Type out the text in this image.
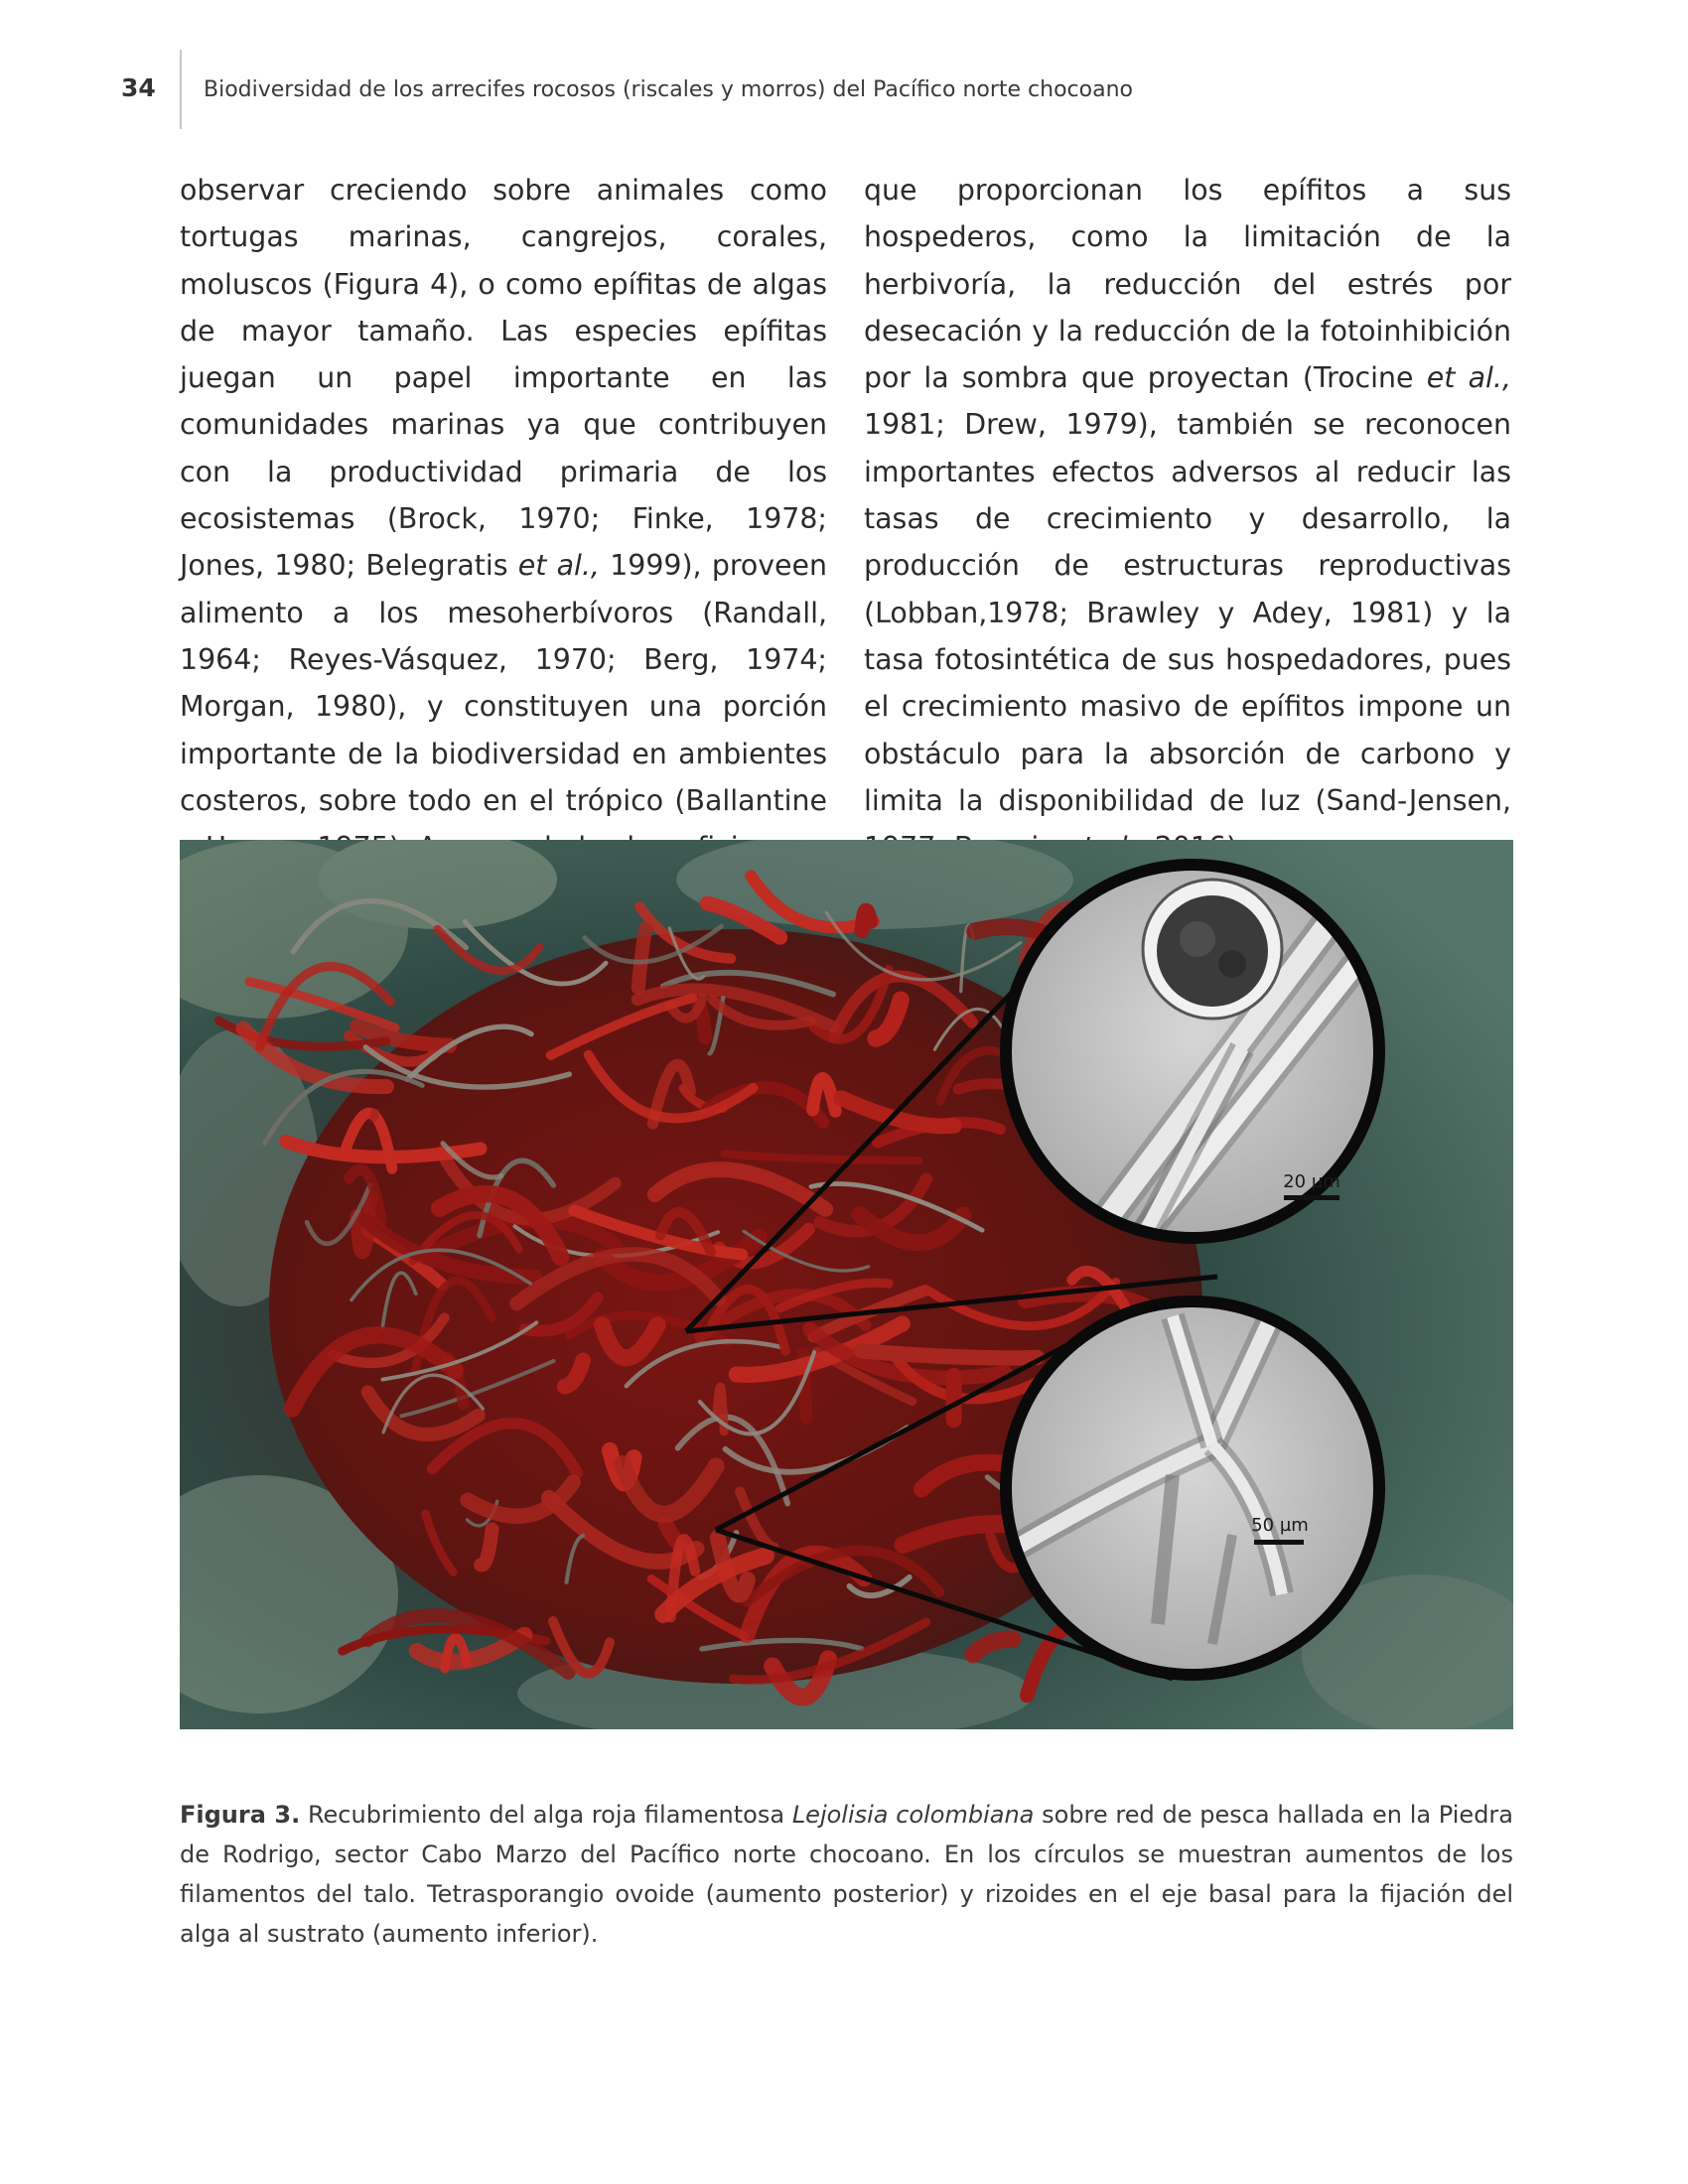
34 Biodiversidad de los arrecifes rocosos (riscales y morros) del Pacífico norte chocoano
observar creciendo sobre animales como tortugas marinas, cangrejos, corales, moluscos (Figura 4), o como epífitas de algas de mayor tamaño. Las especies epífitas juegan un papel importante en las comunidades marinas ya que contribuyen con la productividad primaria de los ecosistemas (Brock, 1970; Finke, 1978; Jones, 1980; Belegratis et al., 1999), proveen alimento a los mesoherbívoros (Randall, 1964; Reyes-Vásquez, 1970; Berg, 1974; Morgan, 1980), y constituyen una porción importante de la biodiversidad en ambientes costeros, sobre todo en el trópico (Ballantine
que proporcionan los epífitos a sus hospederos, como la limitación de la herbivoría, la reducción del estrés por desecación y la reducción de la fotoinhibición por la sombra que proyectan (Trocine et al., 1981; Drew, 1979), también se reconocen importantes efectos adversos al reducir las tasas de crecimiento y desarrollo, la producción de estructuras reproductivas (Lobban,1978; Brawley y Adey, 1981) y la tasa fotosintética de sus hospedadores, pues el crecimiento masivo de epífitos impone un obstáculo para la absorción de carbono y limita la disponibilidad de luz (Sand-Jensen,
20 µm
50 µm
Figura 3. Recubrimiento del alga roja filamentosa Lejolisia colombiana sobre red de pesca hallada en la Piedra de Rodrigo, sector Cabo Marzo del Pacífico norte chocoano. En los círculos se muestran aumentos de los filamentos del talo. Tetrasporangio ovoide (aumento posterior) y rizoides en el eje basal para la fijación del alga al sustrato (aumento inferior).
